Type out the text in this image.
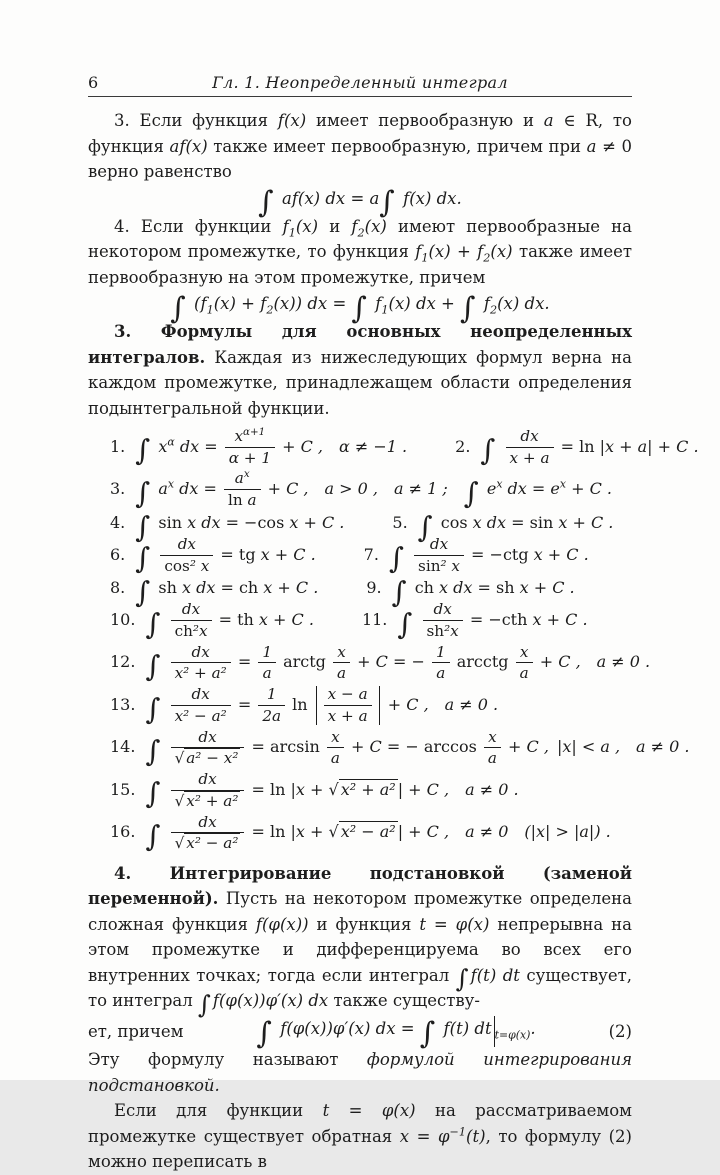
6	Гл. 1. Неопределенный интеграл

3. Если функция f(x) имеет первообразную и a ∈ R, то функция af(x) также имеет первообразную, причем при a ≠ 0 верно равенство

∫ af(x) dx = a∫ f(x) dx.

4. Если функции $f_1(x)$ и $f_2(x)$ имеют первообразные на некотором промежутке, то функция $f_1(x) + f_2(x)$ также имеет первообразную на этом промежутке, причем

∫ $(f_1(x) + f_2(x))$ dx = ∫ $f_1(x)$ dx + ∫ $f_2(x)$ dx.

3. Формулы для основных неопределенных интегралов. Каждая из нижеследующих формул верна на каждом промежутке, принадлежащем области определения подынтегральной функции.

1. ∫ $x^\alpha$ dx = $\frac{x^{\alpha+1}}{\alpha + 1} + C$ ,  α ≠ −1 .	2. ∫ $\frac{dx}{x + a} = \ln |x + a| + C$ .
3. ∫ $a^x$ dx = $\frac{a^x}{\text{ln a}} + C$ ,  a > 0 ,  a ≠ 1 ;  ∫ $e^x$ dx = $e^x + C$ .
4. ∫ sin x dx = −cos x + C .	5. ∫ cos x dx = sin x + C .
6. ∫ $\frac{dx}{\text{cos² x}}$ = tg x + C .	7. ∫ $\frac{dx}{\text{sin² x}} = -ctg$ x + C .
8. ∫ sh x dx = ch x + C .	9. ∫ ch x dx = sh x + C .
10. ∫ $\frac{dx}{\text{ch²x}}$ = th x + C .	11. ∫ $\frac{dx}{\text{sh²x}} = -cth$ x + C .
12. ∫ $\frac{dx}{\text{x² + a²}} = \frac{1}{a}$ arctg $\frac{x}{a} + C$ = − $\frac{1}{a}$ arcctg $\frac{x}{a} + C$ ,  a ≠ 0 .
13. ∫ $\frac{dx}{\text{x² − a²}} = \frac{1}{2a}$ $\ln \frac{x - a}{x + a} + C$ ,  a ≠ 0 .
14. ∫ $\frac{dx}{\text{√ a² − x²}} = \arcsin \frac{x}{a} + C$ = − $\arccos \frac{x}{a} + C$ , |x| < a ,  a ≠ 0 .
15. ∫ $\frac{dx}{\text{√ x² + a²}} = \ln |x$ + √ x² + a² | + C ,  a ≠ 0 .
16. ∫ $\frac{dx}{\text{√ x² − a²}} = \ln |x$ + √ x² − a² | + C ,  a ≠ 0  (|x| > |a|) .

4. Интегрирование подстановкой (заменой переменной). Пусть на некотором промежутке определена сложная функция f(φ(x)) и функция t = φ(x) непрерывна на этом промежутке и дифференцируема во всех его внутренних точках; тогда если интеграл ∫ f(t) dt существует, то интеграл ∫ f(φ(x))φ′(x) dx также существу-

ет, причем	∫ f(φ(x))φ′(x) dx = ∫ f(t) dt $_{t=\varphi(x)}$.	(2)

Эту формулу называют формулой интегрирования подстановкой.

Если для функции t = φ(x) на рассматриваемом промежутке существует обратная $x = \varphi^{-1}(t)$, то формулу (2) можно переписать в
